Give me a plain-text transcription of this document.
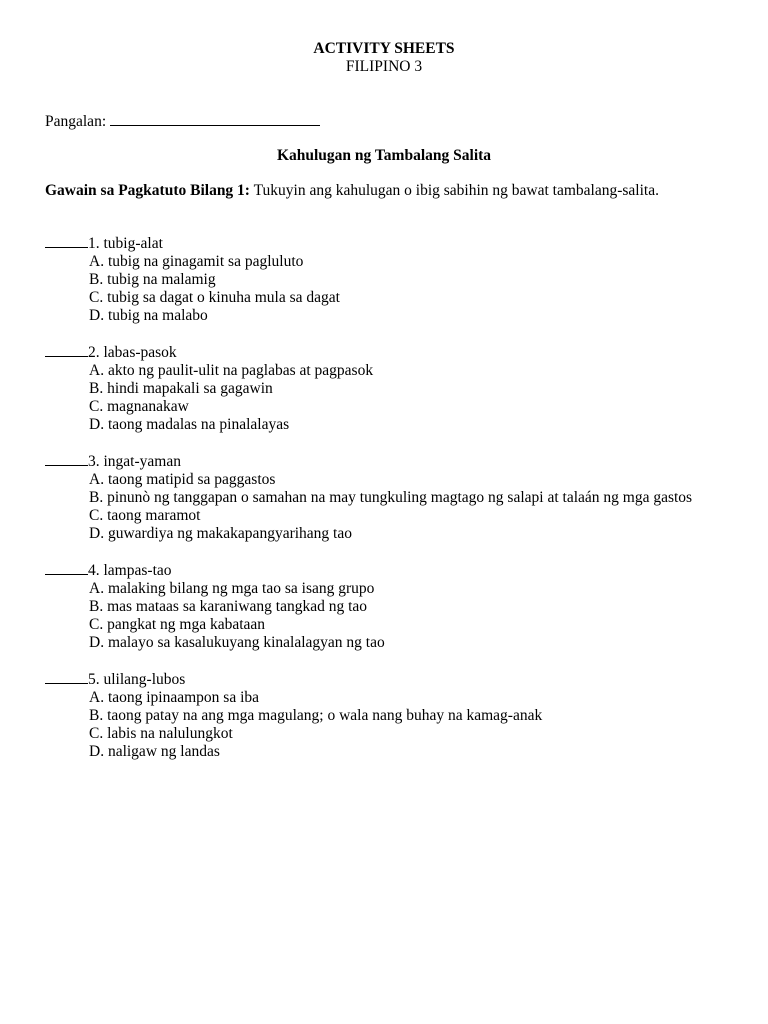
ACTIVITY SHEETS
FILIPINO 3
Pangalan:
Kahulugan ng Tambalang Salita
Gawain sa Pagkatuto Bilang 1: Tukuyin ang kahulugan o ibig sabihin ng bawat tambalang-salita.
1. tubig-alat
A. tubig na ginagamit sa pagluluto
B. tubig na malamig
C. tubig sa dagat o kinuha mula sa dagat
D. tubig na malabo
2. labas-pasok
A. akto ng paulit-ulit na paglabas at pagpasok
B. hindi mapakali sa gagawin
C. magnanakaw
D. taong madalas na pinalalayas
3. ingat-yaman
A. taong matipid sa paggastos
B. pinunò ng tanggapan o samahan na may tungkuling magtago ng salapi at talaán ng mga gastos
C. taong maramot
D. guwardiya ng makakapangyarihang tao
4. lampas-tao
A. malaking bilang ng mga tao sa isang grupo
B. mas mataas sa karaniwang tangkad ng tao
C. pangkat ng mga kabataan
D. malayo sa kasalukuyang kinalalagyan ng tao
5. ulilang-lubos
A. taong ipinaampon sa iba
B. taong patay na ang mga magulang; o wala nang buhay na kamag-anak
C. labis na nalulungkot
D. naligaw ng landas
